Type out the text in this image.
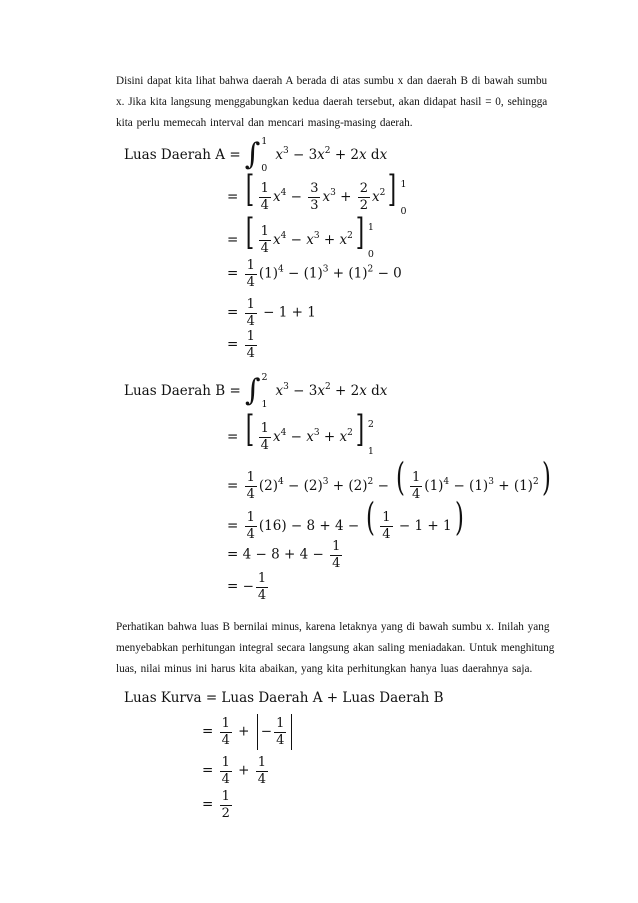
Disini dapat kita lihat bahwa daerah A berada di atas sumbu x dan daerah B di bawah sumbu x. Jika kita langsung menggabungkan kedua daerah tersebut, akan didapat hasil = 0, sehingga kita perlu memecah interval dan mencari masing-masing daerah.
Luas Daerah A = ∫ 1
0
$x^3 - 3x^2 + 2x$ dx
= [ $\frac{1}{4} x^4 - \frac{3}{3} x^3 + \frac{2}{2} x^2$] 1
0
= [ $\frac{1}{4} x^4 - x^3 + x^2$] 1
0
= $\frac{1}{4} (1)^4 - (1)^3 + (1)^2 - 0$
= $\frac{1}{4} - 1 + 1$
= $\frac{1}{4}$
Luas Daerah B = ∫ 2
1
$x^3 - 3x^2 + 2x$ dx
= [ $\frac{1}{4} x^4 - x^3 + x^2$] 2
1
= $\frac{1}{4} (2)^4 - (2)^3 + (2)^2$ − ( $\frac{1}{4} (1)^4 - (1)^3 + (1)^2$)
= $\frac{1}{4} (16) - 8 + 4$ − ( $\frac{1}{4} - 1 + 1$)
= $4 - 8 + 4 - \frac{1}{4}$
= − $\frac{1}{4}$
Perhatikan bahwa luas B bernilai minus, karena letaknya yang di bawah sumbu x. Inilah yang menyebabkan perhitungan integral secara langsung akan saling meniadakan. Untuk menghitung luas, nilai minus ini harus kita abaikan, yang kita perhitungkan hanya luas daerahnya saja.
Luas Kurva = Luas Daerah A + Luas Daerah B
= $\frac{1}{4}$ + − $\frac{1}{4}$
= $\frac{1}{4} + \frac{1}{4}$
= $\frac{1}{2}$
